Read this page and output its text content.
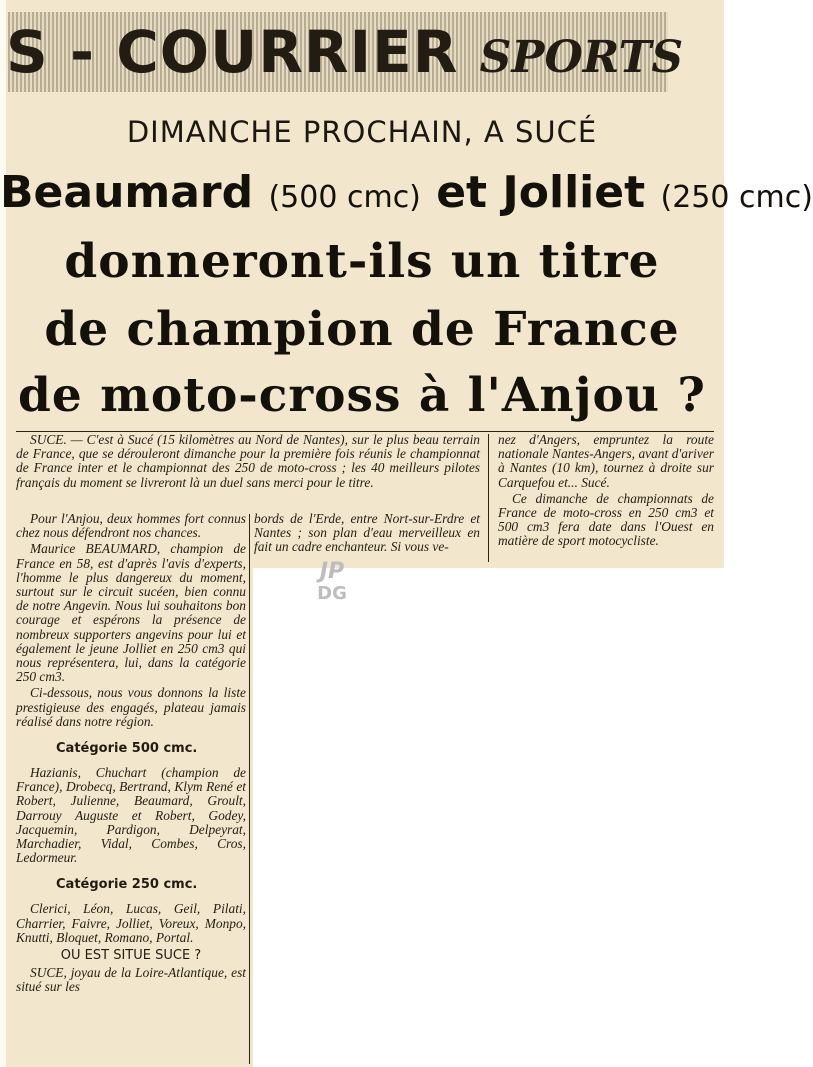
S - COURRIER SPORTS
DIMANCHE PROCHAIN, A SUCÉ
Beaumard (500 cmc) et Jolliet (250 cmc)
donneront-ils un titre
de champion de France
de moto-cross à l'Anjou ?

SUCE. — C'est à Sucé (15 kilomètres au Nord de Nantes), sur le plus beau terrain de France, que se dérouleront dimanche pour la première fois réunis le championnat de France inter et le championnat des 250 de moto-cross ; les 40 meilleurs pilotes français du moment se livreront là un duel sans merci pour le titre.

Pour l'Anjou, deux hommes fort connus chez nous défendront nos chances.

Maurice BEAUMARD, champion de France en 58, est d'après l'avis d'experts, l'homme le plus dangereux du moment, surtout sur le circuit sucéen, bien connu de notre Angevin. Nous lui souhaitons bon courage et espérons la présence de nombreux supporters angevins pour lui et également le jeune Jolliet en 250 cm3 qui nous représentera, lui, dans la catégorie 250 cm3.

Ci-dessous, nous vous donnons la liste prestigieuse des engagés, plateau jamais réalisé dans notre région.

Catégorie 500 cmc.

Hazianis, Chuchart (champion de France), Drobecq, Bertrand, Klym René et Robert, Julienne, Beaumard, Groult, Darrouy Auguste et Robert, Godey, Jacquemin, Pardigon, Delpeyrat, Marchadier, Vidal, Combes, Cros, Ledormeur.

Catégorie 250 cmc.

Clerici, Léon, Lucas, Geil, Pilati, Charrier, Faivre, Jolliet, Voreux, Monpo, Knutti, Bloquet, Romano, Portal.

OU EST SITUE SUCE ?

SUCE, joyau de la Loire-Atlantique, est situé sur les

bords de l'Erde, entre Nort-sur-Erdre et Nantes ; son plan d'eau merveilleux en fait un cadre enchanteur. Si vous ve-

nez d'Angers, empruntez la route nationale Nantes-Angers, avant d'ariver à Nantes (10 km), tournez à droite sur Carquefou et... Sucé.

Ce dimanche de championnats de France de moto-cross en 250 cm3 et 500 cm3 fera date dans l'Ouest en matière de sport motocycliste.

JP
DG
